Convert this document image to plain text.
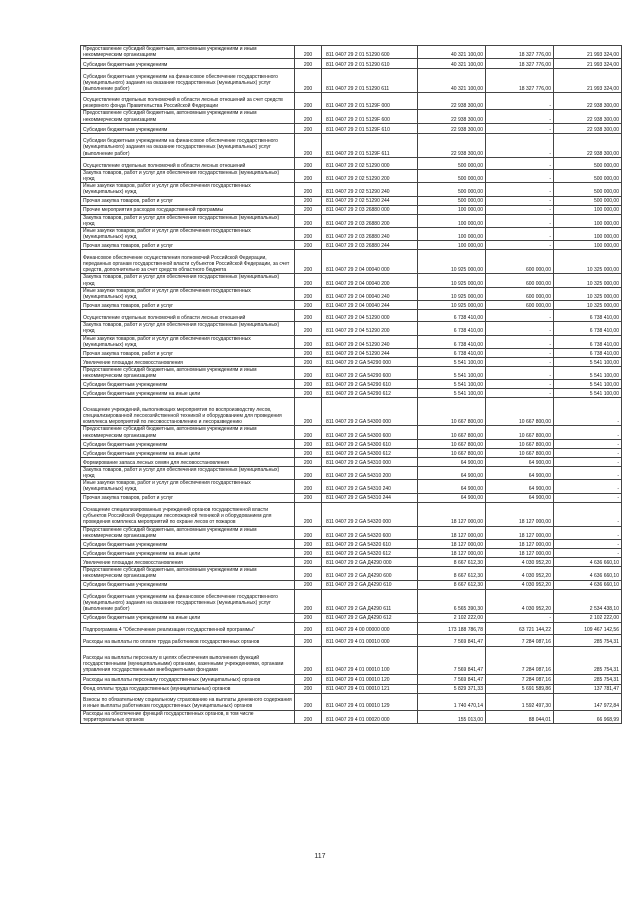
Предоставление субсидий бюджетным, автономным учреждениям и иным некоммерческим организациям	200	811 0407 29 2 01 51290 600	40 321 100,00	18 327 776,00	21 993 324,00
Субсидии бюджетным учреждениям	200	811 0407 29 2 01 51290 610	40 321 100,00	18 327 776,00	21 993 324,00
Субсидии бюджетным учреждениям на финансовое обеспечение государственного (муниципального) задания на оказание государственных (муниципальных) услуг (выполнение работ)	200	811 0407 29 2 01 51290 611	40 321 100,00	18 327 776,00	21 993 324,00
Осуществление отдельных полномочий в области лесных отношений за счет средств резервного фонда Правительства Российской Федерации	200	811 0407 29 2 01 5129F 000	22 938 300,00	-	22 938 300,00
Предоставление субсидий бюджетным, автономным учреждениям и иным некоммерческим организациям	200	811 0407 29 2 01 5129F 600	22 938 300,00	-	22 938 300,00
Субсидии бюджетным учреждениям	200	811 0407 29 2 01 5129F 610	22 938 300,00	-	22 938 300,00
Субсидии бюджетным учреждениям на финансовое обеспечение государственного (муниципального) задания на оказание государственных (муниципальных) услуг (выполнение работ)	200	811 0407 29 2 01 5129F 611	22 938 300,00	-	22 938 300,00
Осуществление отдельных полномочий в области лесных отношений	200	811 0407 29 2 02 51290 000	500 000,00	-	500 000,00
Закупка товаров, работ и услуг для обеспечения государственных (муниципальных) нужд	200	811 0407 29 2 02 51290 200	500 000,00	-	500 000,00
Иные закупки товаров, работ и услуг для обеспечения государственных (муниципальных) нужд	200	811 0407 29 2 02 51290 240	500 000,00	-	500 000,00
Прочая закупка товаров, работ и услуг	200	811 0407 29 2 02 51290 244	500 000,00	-	500 000,00
Прочие мероприятия расходов государственной программы	200	811 0407 29 2 03 26880 000	100 000,00	-	100 000,00
Закупка товаров, работ и услуг для обеспечения государственных (муниципальных) нужд	200	811 0407 29 2 03 26880 200	100 000,00	-	100 000,00
Иные закупки товаров, работ и услуг для обеспечения государственных (муниципальных) нужд	200	811 0407 29 2 03 26880 240	100 000,00	-	100 000,00
Прочая закупка товаров, работ и услуг	200	811 0407 29 2 03 26880 244	100 000,00	-	100 000,00
Финансовое обеспечение осуществления полномочий Российской Федерации, переданных органам государственной власти субъектов Российской Федерации, за счет средств, дополнительно за счет средств областного бюджета	200	811 0407 29 2 04 00040 000	10 925 000,00	600 000,00	10 325 000,00
Закупка товаров, работ и услуг для обеспечения государственных (муниципальных) нужд	200	811 0407 29 2 04 00040 200	10 925 000,00	600 000,00	10 325 000,00
Иные закупки товаров, работ и услуг для обеспечения государственных (муниципальных) нужд	200	811 0407 29 2 04 00040 240	10 925 000,00	600 000,00	10 325 000,00
Прочая закупка товаров, работ и услуг	200	811 0407 29 2 04 00040 244	10 925 000,00	600 000,00	10 325 000,00
Осуществление отдельных полномочий в области лесных отношений	200	811 0407 29 2 04 51290 000	6 738 410,00	-	6 738 410,00
Закупка товаров, работ и услуг для обеспечения государственных (муниципальных) нужд	200	811 0407 29 2 04 51290 200	6 738 410,00	-	6 738 410,00
Иные закупки товаров, работ и услуг для обеспечения государственных (муниципальных) нужд	200	811 0407 29 2 04 51290 240	6 738 410,00	-	6 738 410,00
Прочая закупка товаров, работ и услуг	200	811 0407 29 2 04 51290 244	6 738 410,00	-	6 738 410,00
Увеличение площади лесовосстановления	200	811 0407 29 2 GA 54290 000	5 541 100,00	-	5 541 100,00
Предоставление субсидий бюджетным, автономным учреждениям и иным некоммерческим организациям	200	811 0407 29 2 GA 54290 600	5 541 100,00	-	5 541 100,00
Субсидии бюджетным учреждениям	200	811 0407 29 2 GA 54290 610	5 541 100,00	-	5 541 100,00
Субсидии бюджетным учреждениям на иные цели	200	811 0407 29 2 GA 54290 612	5 541 100,00	-	5 541 100,00
Оснащение учреждений, выполняющих мероприятия по воспроизводству лесов, специализированной лесохозяйственной техникой и оборудованием для проведения комплекса мероприятий по лесовосстановлению и лесоразведению	200	811 0407 29 2 GA 54300 000	10 667 800,00	10 667 800,00	-
Предоставление субсидий бюджетным, автономным учреждениям и иным некоммерческим организациям	200	811 0407 29 2 GA 54300 600	10 667 800,00	10 667 800,00	-
Субсидии бюджетным учреждениям	200	811 0407 29 2 GA 54300 610	10 667 800,00	10 667 800,00	-
Субсидии бюджетным учреждениям на иные цели	200	811 0407 29 2 GA 54300 612	10 667 800,00	10 667 800,00	-
Формирование запаса лесных семян для лесовосстановления	200	811 0407 29 2 GA 54310 000	64 900,00	64 900,00	-
Закупка товаров, работ и услуг для обеспечения государственных (муниципальных) нужд	200	811 0407 29 2 GA 54310 200	64 900,00	64 900,00	-
Иные закупки товаров, работ и услуг для обеспечения государственных (муниципальных) нужд	200	811 0407 29 2 GA 54310 240	64 900,00	64 900,00	-
Прочая закупка товаров, работ и услуг	200	811 0407 29 2 GA 54310 244	64 900,00	64 900,00	-
Оснащение специализированных учреждений органов государственной власти субъектов Российской Федерации лесопожарной техникой и оборудованием для проведения комплекса мероприятий по охране лесов от пожаров	200	811 0407 29 2 GA 54320 000	18 127 000,00	18 127 000,00	-
Предоставление субсидий бюджетным, автономным учреждениям и иным некоммерческим организациям	200	811 0407 29 2 GA 54320 600	18 127 000,00	18 127 000,00	-
Субсидии бюджетным учреждениям	200	811 0407 29 2 GA 54320 610	18 127 000,00	18 127 000,00	-
Субсидии бюджетным учреждениям на иные цели	200	811 0407 29 2 GA 54320 612	18 127 000,00	18 127 000,00	-
Увеличение площади лесовосстановления	200	811 0407 29 2 GA Д4290 000	8 667 612,30	4 030 952,20	4 636 660,10
Предоставление субсидий бюджетным, автономным учреждениям и иным некоммерческим организациям	200	811 0407 29 2 GA Д4290 600	8 667 612,30	4 030 952,20	4 636 660,10
Субсидии бюджетным учреждениям	200	811 0407 29 2 GA Д4290 610	8 667 612,30	4 030 952,20	4 636 660,10
Субсидии бюджетным учреждениям на финансовое обеспечение государственного (муниципального) задания на оказание государственных (муниципальных) услуг (выполнение работ)	200	811 0407 29 2 GA Д4290 611	6 565 390,30	4 030 952,20	2 534 438,10
Субсидии бюджетным учреждениям на иные цели	200	811 0407 29 2 GA Д4290 612	2 102 222,00	-	2 102 222,00
Подпрограмма 4 "Обеспечение реализации государственной программы"	200	811 0407 29 4 00 00000 000	173 188 786,78	63 721 144,22	109 467 142,56
Расходы на выплаты по оплате труда работников государственных органов	200	811 0407 29 4 01 00010 000	7 569 841,47	7 284 087,16	285 754,31
Расходы на выплаты персоналу в целях обеспечения выполнения функций государственными (муниципальными) органами, казенными учреждениями, органами управления государственными внебюджетными фондами	200	811 0407 29 4 01 00010 100	7 569 841,47	7 284 087,16	285 754,31
Расходы на выплаты персоналу государственных (муниципальных) органов	200	811 0407 29 4 01 00010 120	7 569 841,47	7 284 087,16	285 754,31
Фонд оплаты труда государственных (муниципальных) органов	200	811 0407 29 4 01 00010 121	5 829 371,33	5 691 589,86	137 781,47
Взносы по обязательному социальному страхованию на выплаты денежного содержания и иные выплаты работникам государственных (муниципальных) органов	200	811 0407 29 4 01 00010 129	1 740 470,14	1 592 497,30	147 972,84
Расходы на обеспечение функций государственных органов, в том числе территориальных органов	200	811 0407 29 4 01 00020 000	155 013,00	88 044,01	66 968,99
117
